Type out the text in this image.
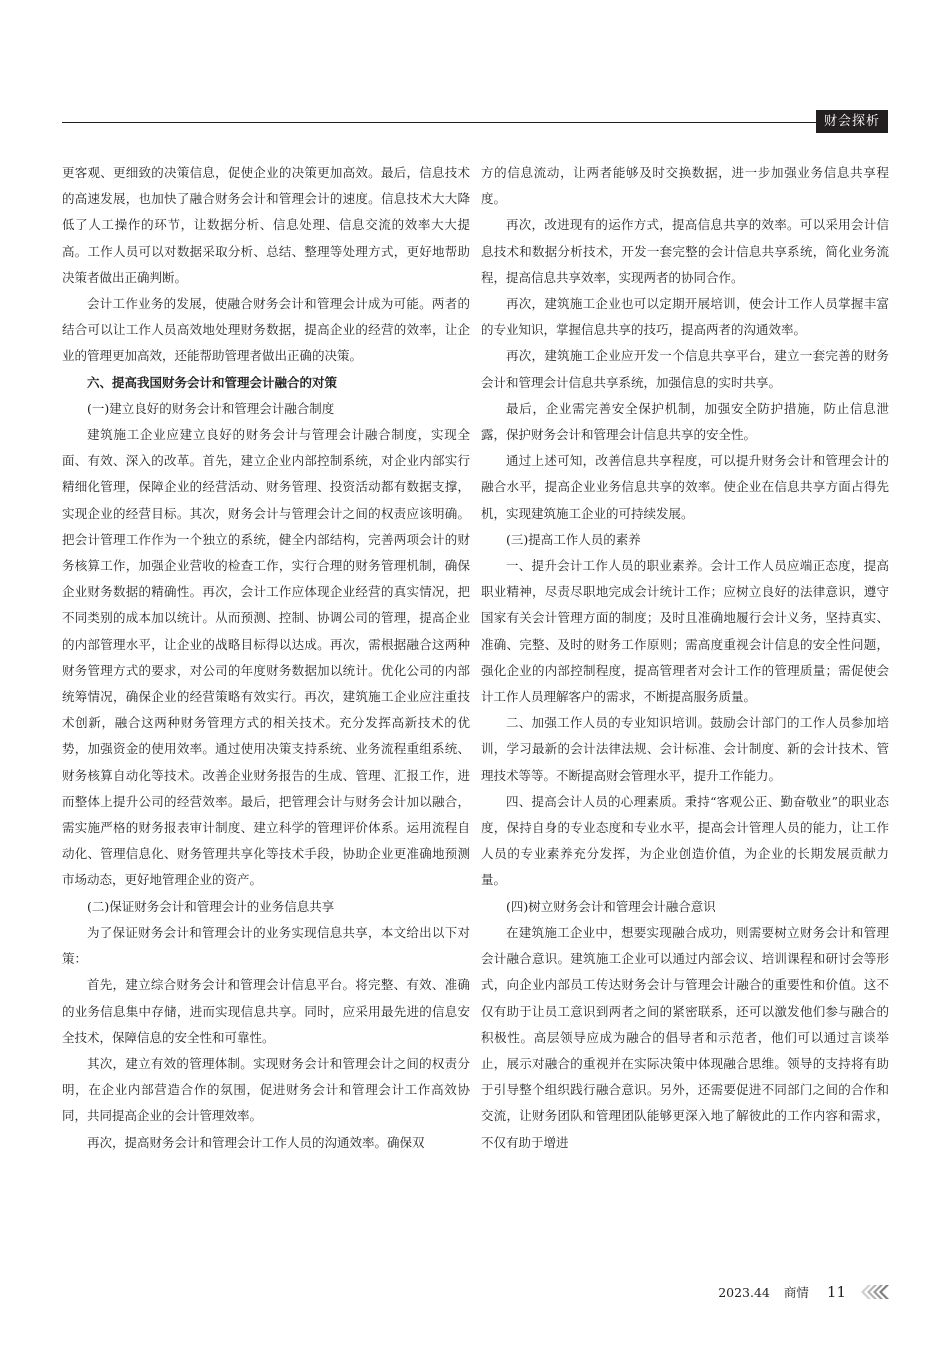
财会探析

更客观、更细致的决策信息，促使企业的决策更加高效。最后，信息技术的高速发展，也加快了融合财务会计和管理会计的速度。信息技术大大降低了人工操作的环节，让数据分析、信息处理、信息交流的效率大大提高。工作人员可以对数据采取分析、总结、整理等处理方式，更好地帮助决策者做出正确判断。

会计工作业务的发展，使融合财务会计和管理会计成为可能。两者的结合可以让工作人员高效地处理财务数据，提高企业的经营的效率，让企业的管理更加高效，还能帮助管理者做出正确的决策。

六、提高我国财务会计和管理会计融合的对策

(一)建立良好的财务会计和管理会计融合制度

建筑施工企业应建立良好的财务会计与管理会计融合制度，实现全面、有效、深入的改革。首先，建立企业内部控制系统，对企业内部实行精细化管理，保障企业的经营活动、财务管理、投资活动都有数据支撑，实现企业的经营目标。其次，财务会计与管理会计之间的权责应该明确。把会计管理工作作为一个独立的系统，健全内部结构，完善两项会计的财务核算工作，加强企业营收的检查工作，实行合理的财务管理机制，确保企业财务数据的精确性。再次，会计工作应体现企业经营的真实情况，把不同类别的成本加以统计。从而预测、控制、协调公司的管理，提高企业的内部管理水平，让企业的战略目标得以达成。再次，需根据融合这两种财务管理方式的要求，对公司的年度财务数据加以统计。优化公司的内部统筹情况，确保企业的经营策略有效实行。再次，建筑施工企业应注重技术创新，融合这两种财务管理方式的相关技术。充分发挥高新技术的优势，加强资金的使用效率。通过使用决策支持系统、业务流程重组系统、财务核算自动化等技术。改善企业财务报告的生成、管理、汇报工作，进而整体上提升公司的经营效率。最后，把管理会计与财务会计加以融合，需实施严格的财务报表审计制度、建立科学的管理评价体系。运用流程自动化、管理信息化、财务管理共享化等技术手段，协助企业更准确地预测市场动态，更好地管理企业的资产。

(二)保证财务会计和管理会计的业务信息共享

为了保证财务会计和管理会计的业务实现信息共享，本文给出以下对策：

首先，建立综合财务会计和管理会计信息平台。将完整、有效、准确的业务信息集中存储，进而实现信息共享。同时，应采用最先进的信息安全技术，保障信息的安全性和可靠性。

其次，建立有效的管理体制。实现财务会计和管理会计之间的权责分明，在企业内部营造合作的氛围，促进财务会计和管理会计工作高效协同，共同提高企业的会计管理效率。

再次，提高财务会计和管理会计工作人员的沟通效率。确保双

方的信息流动，让两者能够及时交换数据，进一步加强业务信息共享程度。

再次，改进现有的运作方式，提高信息共享的效率。可以采用会计信息技术和数据分析技术，开发一套完整的会计信息共享系统，简化业务流程，提高信息共享效率，实现两者的协同合作。

再次，建筑施工企业也可以定期开展培训，使会计工作人员掌握丰富的专业知识，掌握信息共享的技巧，提高两者的沟通效率。

再次，建筑施工企业应开发一个信息共享平台，建立一套完善的财务会计和管理会计信息共享系统，加强信息的实时共享。

最后，企业需完善安全保护机制，加强安全防护措施，防止信息泄露，保护财务会计和管理会计信息共享的安全性。

通过上述可知，改善信息共享程度，可以提升财务会计和管理会计的融合水平，提高企业业务信息共享的效率。使企业在信息共享方面占得先机，实现建筑施工企业的可持续发展。

(三)提高工作人员的素养

一、提升会计工作人员的职业素养。会计工作人员应端正态度，提高职业精神，尽责尽职地完成会计统计工作；应树立良好的法律意识，遵守国家有关会计管理方面的制度；及时且准确地履行会计义务，坚持真实、准确、完整、及时的财务工作原则；需高度重视会计信息的安全性问题，强化企业的内部控制程度，提高管理者对会计工作的管理质量；需促使会计工作人员理解客户的需求，不断提高服务质量。

二、加强工作人员的专业知识培训。鼓励会计部门的工作人员参加培训，学习最新的会计法律法规、会计标准、会计制度、新的会计技术、管理技术等等。不断提高财会管理水平，提升工作能力。

四、提高会计人员的心理素质。秉持“客观公正、勤奋敬业”的职业态度，保持自身的专业态度和专业水平，提高会计管理人员的能力，让工作人员的专业素养充分发挥，为企业创造价值，为企业的长期发展贡献力量。

(四)树立财务会计和管理会计融合意识

在建筑施工企业中，想要实现融合成功，则需要树立财务会计和管理会计融合意识。建筑施工企业可以通过内部会议、培训课程和研讨会等形式，向企业内部员工传达财务会计与管理会计融合的重要性和价值。这不仅有助于让员工意识到两者之间的紧密联系，还可以激发他们参与融合的积极性。高层领导应成为融合的倡导者和示范者，他们可以通过言谈举止，展示对融合的重视并在实际决策中体现融合思维。领导的支持将有助于引导整个组织践行融合意识。另外，还需要促进不同部门之间的合作和交流，让财务团队和管理团队能够更深入地了解彼此的工作内容和需求，不仅有助于增进

2023.44 商情 11
